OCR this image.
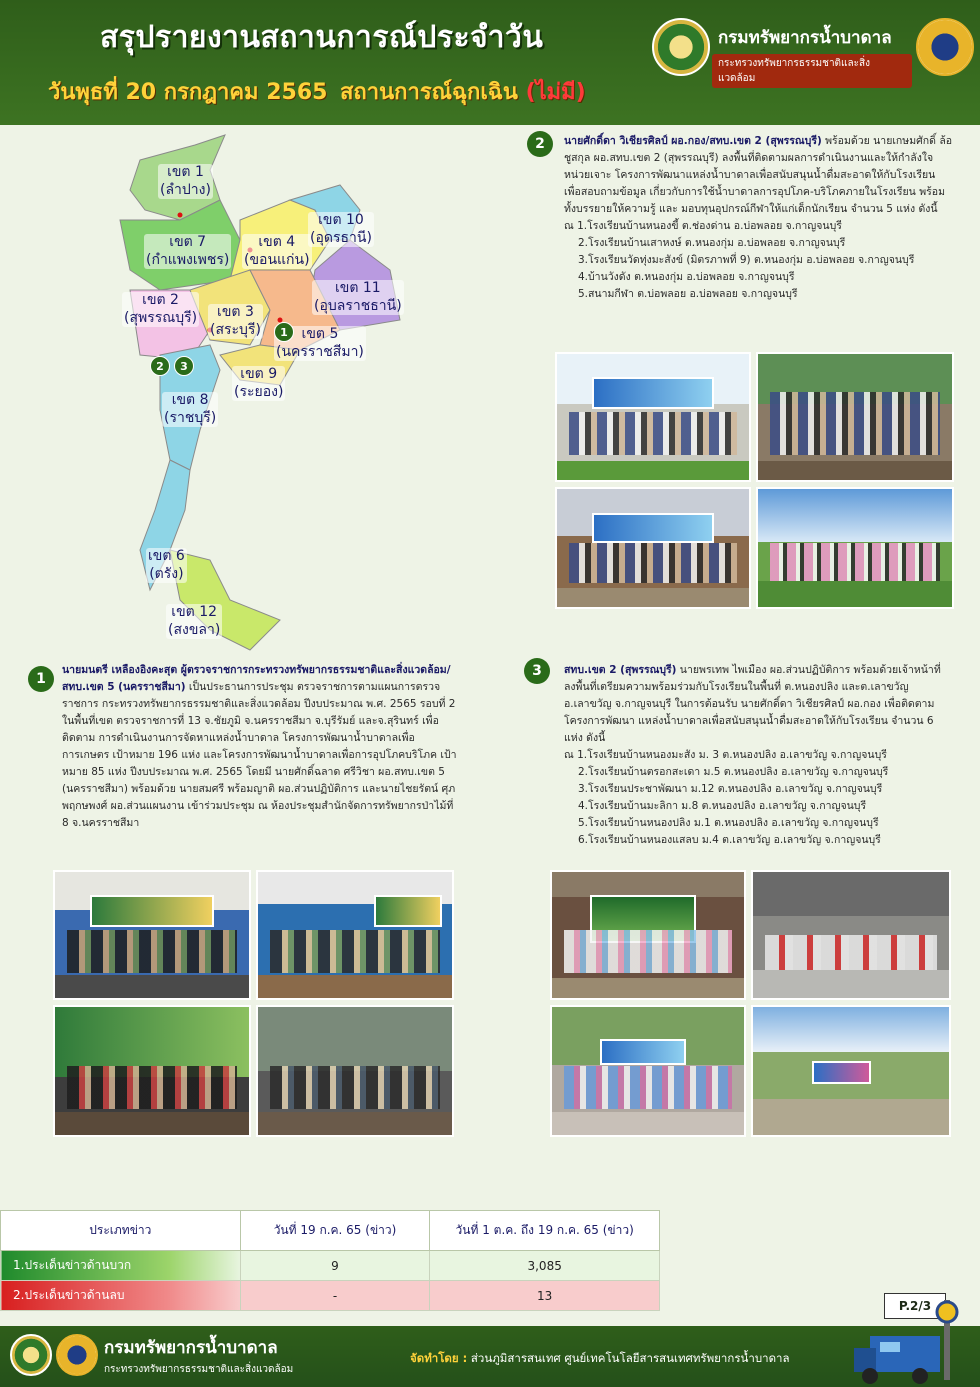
สรุปรายงานสถานการณ์ประจำวัน
วันพุธที่ 20 กรกฎาคม 2565 สถานการณ์ฉุกเฉิน (ไม่มี)
กรมทรัพยากรน้ำบาดาล
กระทรวงทรัพยากรธรรมชาติและสิ่งแวดล้อม
เขต 1
(ลำปาง)
เขต 7
(กำแพงเพชร)
เขต 4
(ขอนแก่น)
เขต 10
(อุดรธานี)
เขต 11
(อุบลราชธานี)
เขต 2
(สุพรรณบุรี)	เขต 3
(สระบุรี)	เขต 5
(นครราชสีมา)
เขต 9
(ระยอง)
เขต 8
(ราชบุรี)
เขต 6
(ตรัง)
เขต 12
(สงขลา)
1
2	3
2	นายศักดิ์ดา วิเชียรศิลป์ ผอ.กอง/สทบ.เขต 2 (สุพรรณบุรี) พร้อมด้วย นายเกษมศักดิ์ ล้อชูสกุล ผอ.สทบ.เขต 2 (สุพรรณบุรี) ลงพื้นที่ติดตามผลการดำเนินงานและให้กำลังใจหน่วยเจาะ โครงการพัฒนาแหล่งน้ำบาดาลเพื่อสนับสนุนน้ำดื่มสะอาดให้กับโรงเรียน เพื่อสอบถามข้อมูล เกี่ยวกับการใช้น้ำบาดาลการอุปโภค-บริโภคภายในโรงเรียน พร้อมทั้งบรรยายให้ความรู้ และ มอบทุนอุปกรณ์กีฬาให้แก่เด็กนักเรียน จำนวน 5 แห่ง ดังนี้
ณ 1.โรงเรียนบ้านหนองขี้ ต.ช่องด่าน อ.บ่อพลอย จ.กาญจนบุรี
2.โรงเรียนบ้านเสาหงษ์ ต.หนองกุ่ม อ.บ่อพลอย จ.กาญจนบุรี
3.โรงเรียนวัดทุ่งมะสังข์ (มิตรภาพที่ 9) ต.หนองกุ่ม อ.บ่อพลอย จ.กาญจนบุรี
4.บ้านวังดัง ต.หนองกุ่ม อ.บ่อพลอย จ.กาญจนบุรี
5.สนามกีฬา ต.บ่อพลอย อ.บ่อพลอย จ.กาญจนบุรี
1
นายมนตรี เหลืองอิงคะสุต ผู้ตรวจราชการกระทรวงทรัพยากรธรรมชาติและสิ่งแวดล้อม/ สทบ.เขต 5 (นครราชสีมา) เป็นประธานการประชุม ตรวจราชการตามแผนการตรวจราชการ กระทรวงทรัพยากรธรรมชาติและสิ่งแวดล้อม ปีงบประมาณ พ.ศ. 2565 รอบที่ 2 ในพื้นที่เขต ตรวจราชการที่ 13 จ.ชัยภูมิ จ.นครราชสีมา จ.บุรีรัมย์ และจ.สุรินทร์ เพื่อติดตาม การดำเนินงานการจัดหาแหล่งน้ำบาดาล โครงการพัฒนาน้ำบาดาลเพื่อการเกษตร เป้าหมาย 196 แห่ง และโครงการพัฒนาน้ำบาดาลเพื่อการอุปโภคบริโภค เป้าหมาย 85 แห่ง ปีงบประมาณ พ.ศ. 2565 โดยมี นายศักดิ์ฉลาด ศรีวิชา ผอ.สทบ.เขต 5 (นครราชสีมา) พร้อมด้วย นายสมศรี พร้อมญาติ ผอ.ส่วนปฏิบัติการ และนายไชยรัตน์ ศุภพฤกษพงศ์ ผอ.ส่วนแผนงาน เข้าร่วมประชุม ณ ห้องประชุมสำนักจัดการทรัพยากรป่าไม้ที่ 8 จ.นครราชสีมา
3	สทบ.เขต 2 (สุพรรณบุรี) นายพรเทพ ไพเมือง ผอ.ส่วนปฏิบัติการ พร้อมด้วยเจ้าหน้าที่ ลงพื้นที่เตรียมความพร้อมร่วมกับโรงเรียนในพื้นที่ ต.หนองปลิง และต.เลาขวัญ อ.เลาขวัญ จ.กาญจนบุรี ในการต้อนรับ นายศักดิ์ดา วิเชียรศิลป์ ผอ.กอง เพื่อติดตาม โครงการพัฒนา แหล่งน้ำบาดาลเพื่อสนับสนุนน้ำดื่มสะอาดให้กับโรงเรียน จำนวน 6 แห่ง ดังนี้
ณ 1.โรงเรียนบ้านหนองมะสัง ม. 3 ต.หนองปลิง อ.เลาขวัญ จ.กาญจนบุรี
2.โรงเรียนบ้านตรอกสะเดา ม.5 ต.หนองปลิง อ.เลาขวัญ จ.กาญจนบุรี
3.โรงเรียนประชาพัฒนา ม.12 ต.หนองปลิง อ.เลาขวัญ จ.กาญจนบุรี
4.โรงเรียนบ้านมะลิกา ม.8 ต.หนองปลิง อ.เลาขวัญ จ.กาญจนบุรี
5.โรงเรียนบ้านหนองปลิง ม.1 ต.หนองปลิง อ.เลาขวัญ จ.กาญจนบุรี
6.โรงเรียนบ้านหนองแสลบ ม.4 ต.เลาขวัญ อ.เลาขวัญ จ.กาญจนบุรี
ประเภทข่าว	วันที่ 19 ก.ค. 65 (ข่าว)	วันที่ 1 ต.ค. ถึง 19 ก.ค. 65 (ข่าว)
1.ประเด็นข่าวด้านบวก	9	3,085
2.ประเด็นข่าวด้านลบ	-	13
P.2/3
กรมทรัพยากรน้ำบาดาล
กระทรวงทรัพยากรธรรมชาติและสิ่งแวดล้อม
จัดทำโดย : ส่วนภูมิสารสนเทศ ศูนย์เทคโนโลยีสารสนเทศทรัพยากรน้ำบาดาล
